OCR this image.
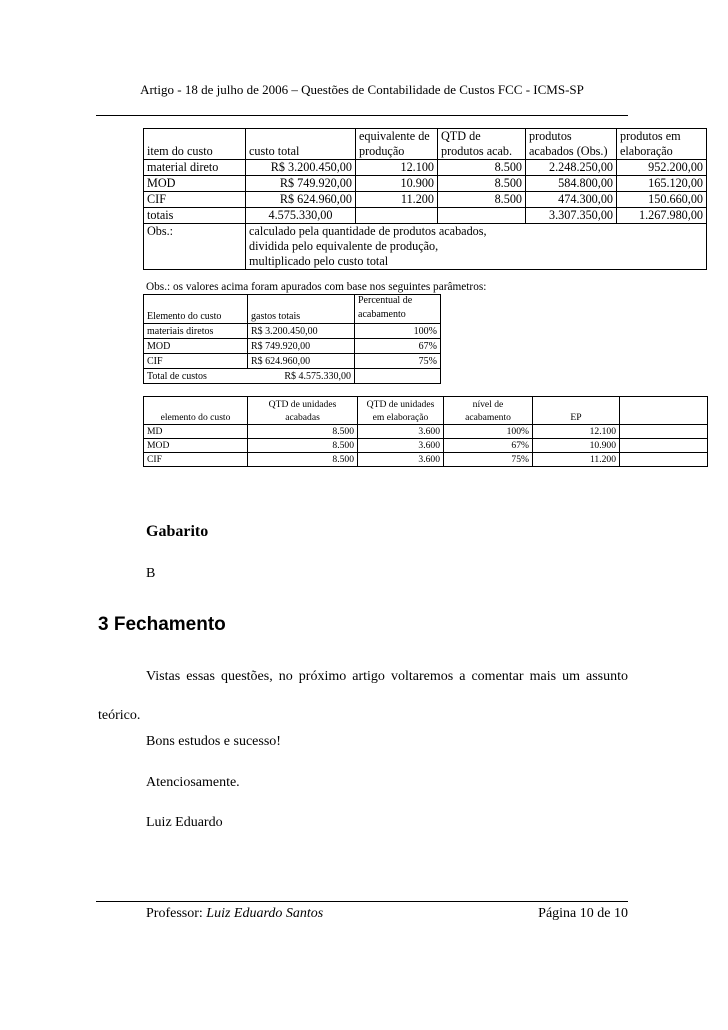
Artigo - 18 de julho de 2006 – Questões de Contabilidade de Custos FCC - ICMS-SP
		equivalente de	QTD de	produtos	produtos em
item do custo	custo total	produção	produtos acab.	acabados (Obs.)	elaboração
material direto	R$ 3.200.450,00	12.100	8.500	2.248.250,00	952.200,00
MOD	R$ 749.920,00	10.900	8.500	584.800,00	165.120,00
CIF	R$ 624.960,00	11.200	8.500	474.300,00	150.660,00
totais	4.575.330,00			3.307.350,00	1.267.980,00
Obs.:	calculado pela quantidade de produtos acabados,
dividida pelo equivalente de produção,
multiplicado pelo custo total				
Obs.: os valores acima foram apurados com base nos seguintes parâmetros:
		Percentual de
Elemento do custo	gastos totais	acabamento
materiais diretos	R$ 3.200.450,00	100%
MOD	R$ 749.920,00	67%
CIF	R$ 624.960,00	75%
Total de custos	R$ 4.575.330,00	
	QTD de unidades	QTD de unidades	nível de		
elemento do custo	acabadas	em elaboração	acabamento	EP	
MD	8.500	3.600	100%	12.100	
MOD	8.500	3.600	67%	10.900	
CIF	8.500	3.600	75%	11.200	
Gabarito
B
3 Fechamento
Vistas essas questões, no próximo artigo voltaremos a comentar mais um assunto teórico.
Bons estudos e sucesso!
Atenciosamente.
Luiz Eduardo
Professor: Luiz Eduardo Santos	Página 10 de 10
